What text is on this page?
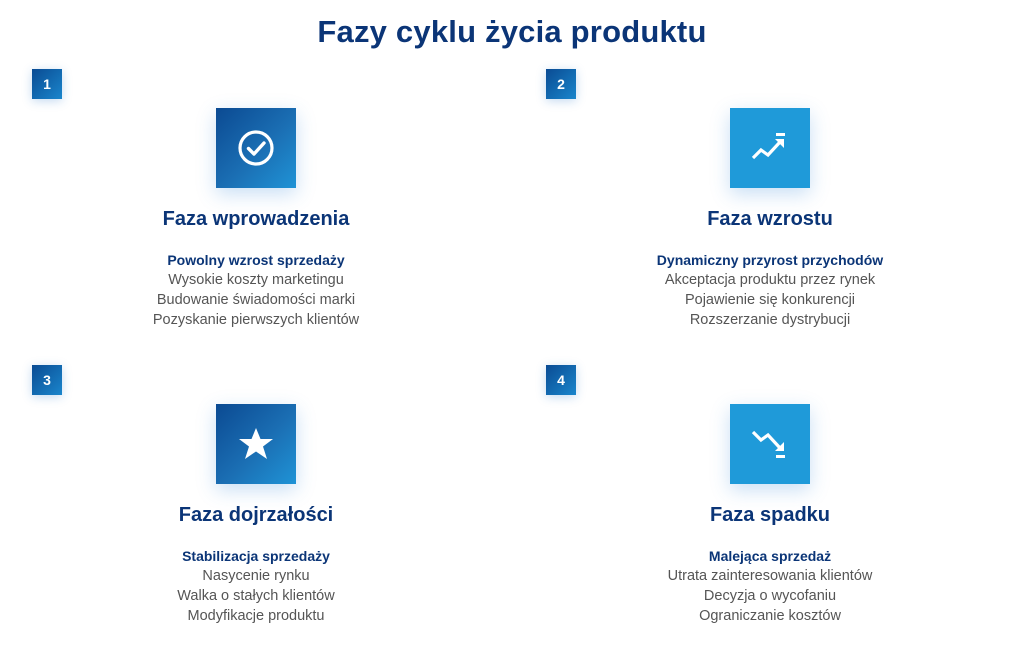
Fazy cyklu życia produktu
1
Faza wprowadzenia
Powolny wzrost sprzedaży
Wysokie koszty marketingu
Budowanie świadomości marki
Pozyskanie pierwszych klientów
2
Faza wzrostu
Dynamiczny przyrost przychodów
Akceptacja produktu przez rynek
Pojawienie się konkurencji
Rozszerzanie dystrybucji
3
Faza dojrzałości
Stabilizacja sprzedaży
Nasycenie rynku
Walka o stałych klientów
Modyfikacje produktu
4
Faza spadku
Malejąca sprzedaż
Utrata zainteresowania klientów
Decyzja o wycofaniu
Ograniczanie kosztów
